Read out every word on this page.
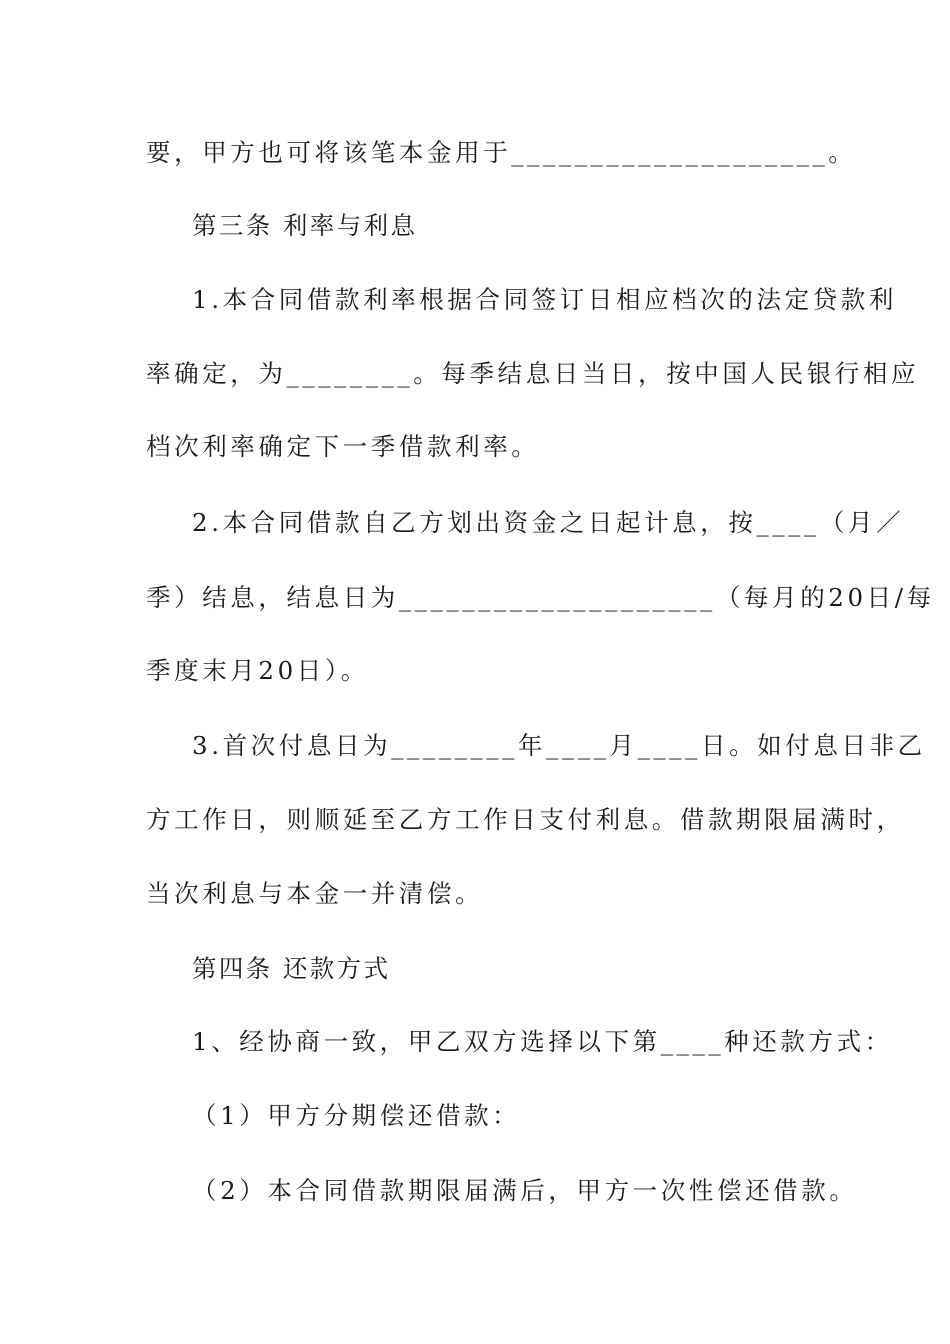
要，甲方也可将该笔本金用于____________________。
第三条 利率与利息
1.本合同借款利率根据合同签订日相应档次的法定贷款利
率确定，为________。每季结息日当日，按中国人民银行相应
档次利率确定下一季借款利率。
2.本合同借款自乙方划出资金之日起计息，按____（月／
季）结息，结息日为____________________（每月的20日/每
季度末月20日）。
3.首次付息日为________年____月____日。如付息日非乙
方工作日，则顺延至乙方工作日支付利息。借款期限届满时，
当次利息与本金一并清偿。
第四条 还款方式
1、经协商一致，甲乙双方选择以下第____种还款方式：
（1）甲方分期偿还借款：
（2）本合同借款期限届满后，甲方一次性偿还借款。
